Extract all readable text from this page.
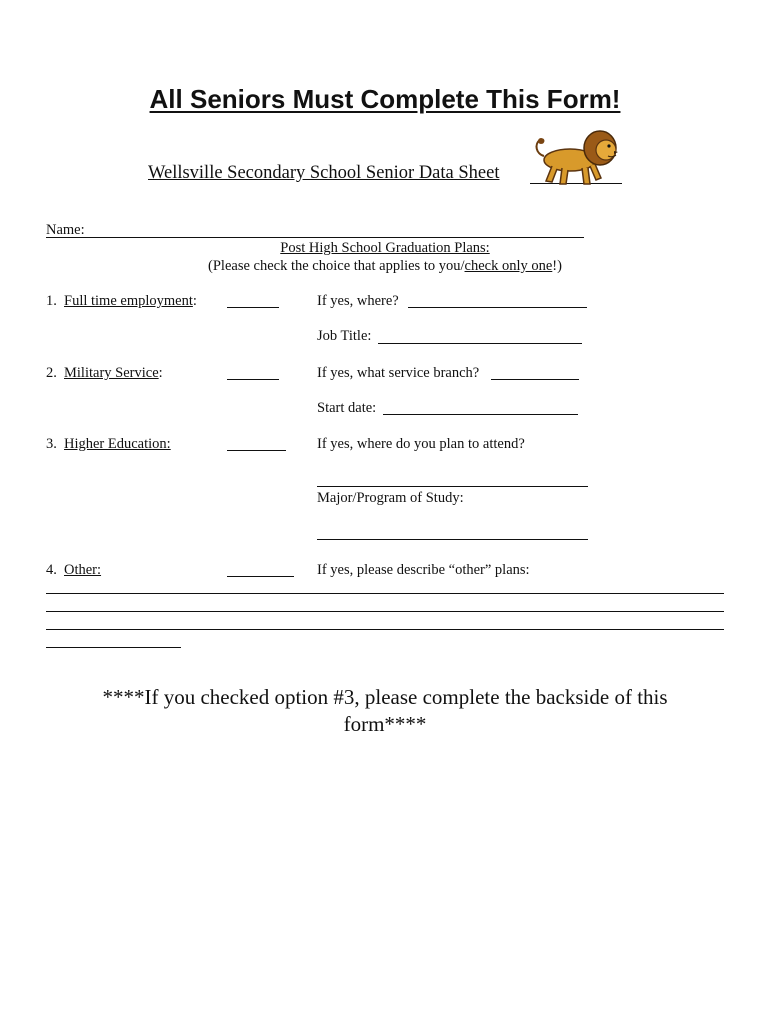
All Seniors Must Complete This Form!
Wellsville Secondary School Senior Data Sheet
Name:
Post High School Graduation Plans:
(Please check the choice that applies to you/check only one!)
1. Full time employment:	If yes, where?
Job Title:
2. Military Service:	If yes, what service branch?
Start date:
3. Higher Education:	If yes, where do you plan to attend?
Major/Program of Study:
4. Other:	If yes, please describe “other” plans:
****If you checked option #3, please complete the backside of this form****
